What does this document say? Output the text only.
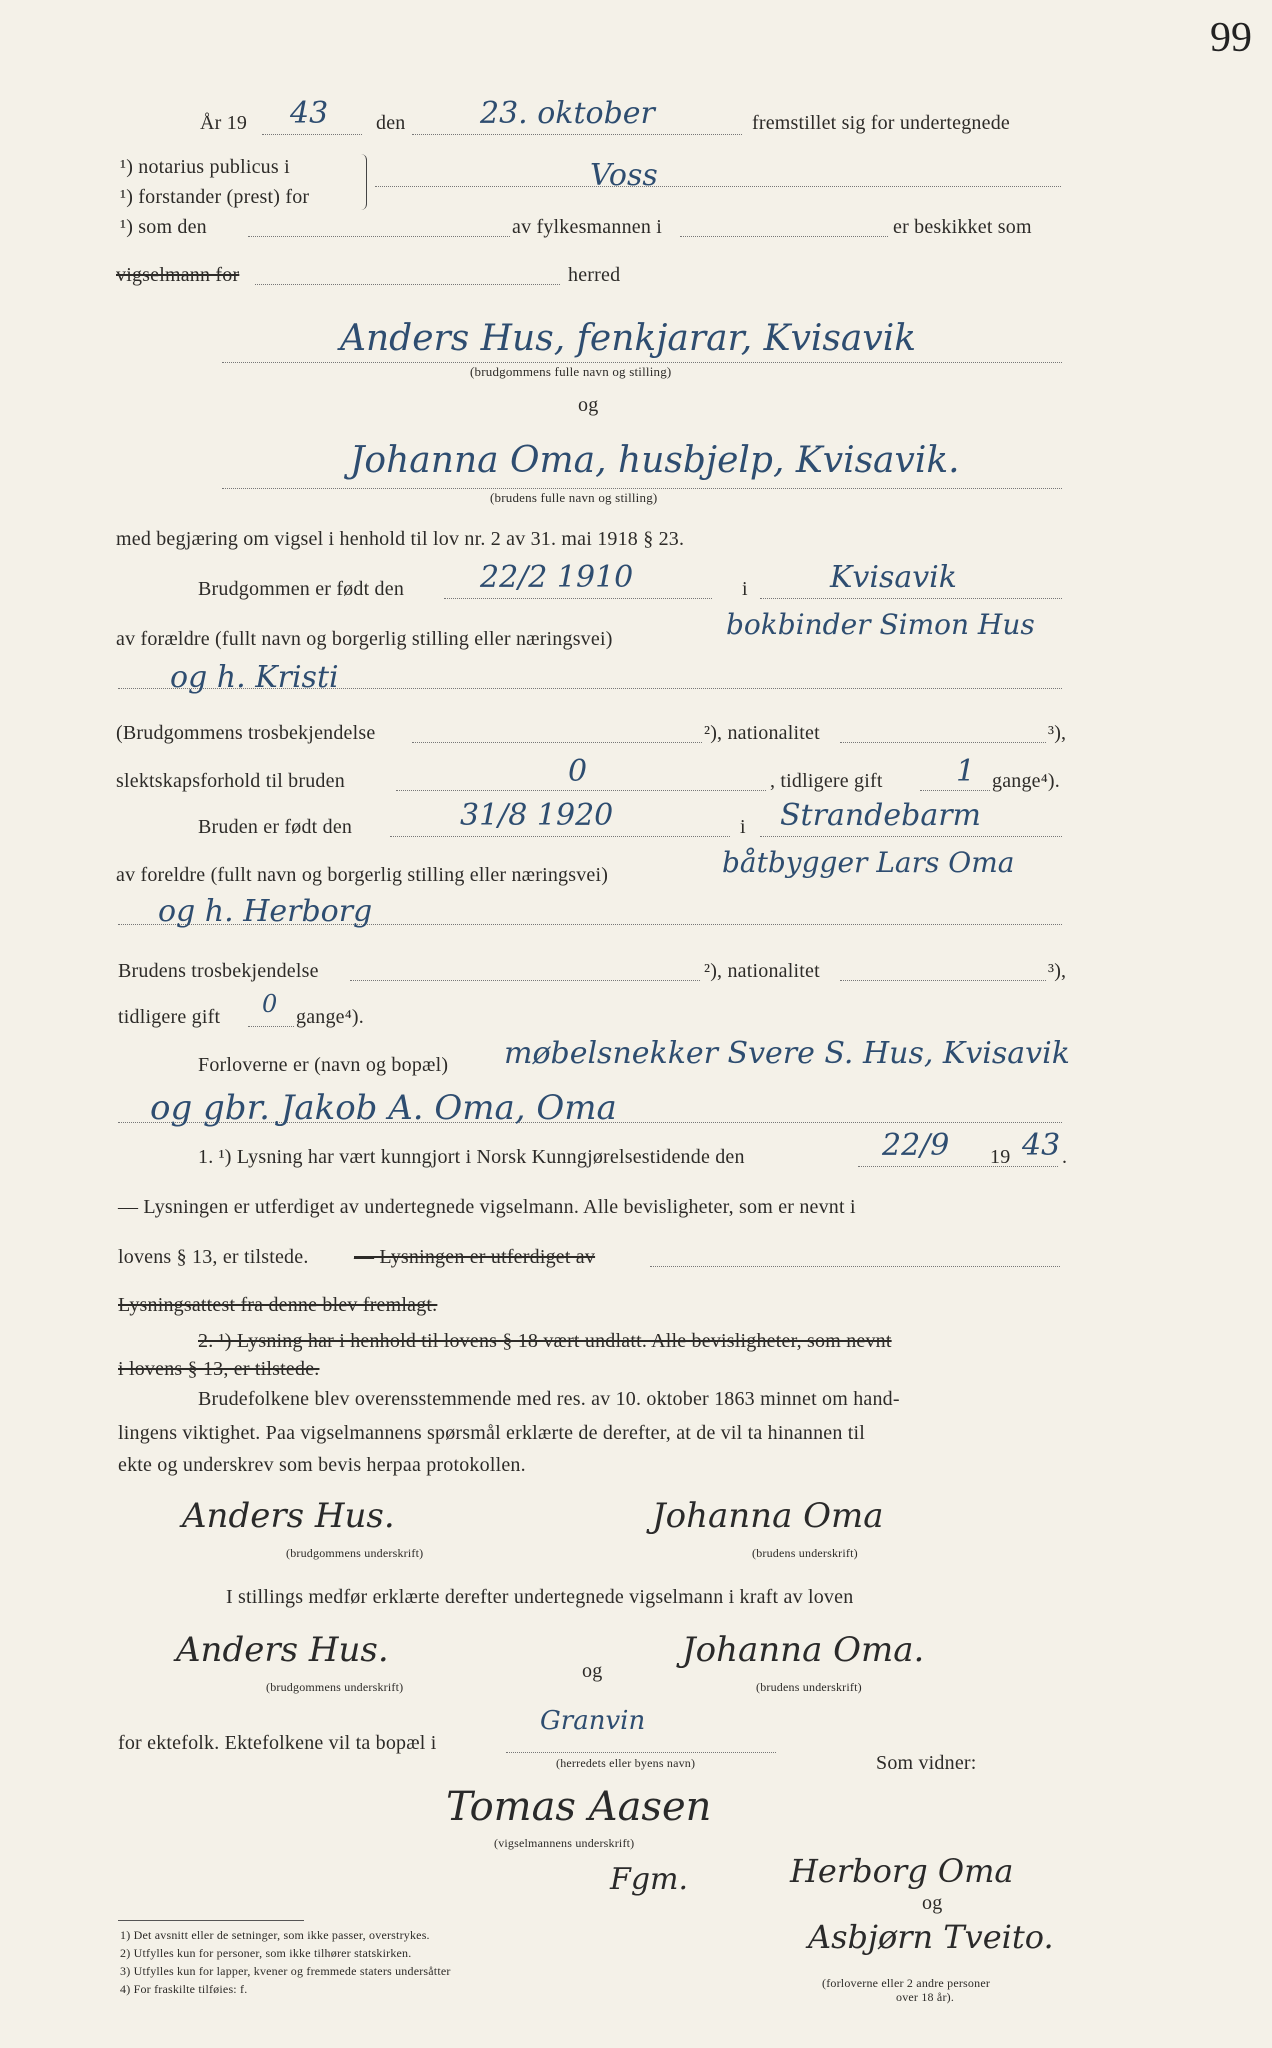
99
År 19 43 den 23. oktober	fremstillet sig for undertegnede
¹) notarius publicus i
¹) forstander (prest) for
¹) som den
Voss
av fylkesmannen i	er beskikket som
vigselmann for	herred
Anders Hus, fenkjarar, Kvisavik
(brudgommens fulle navn og stilling)
og
Johanna Oma, husbjelp, Kvisavik.
(brudens fulle navn og stilling)
med begjæring om vigsel i henhold til lov nr. 2 av 31. mai 1918 § 23.
Brudgommen er født den	22/2 1910	i	Kvisavik
av forældre (fullt navn og borgerlig stilling eller næringsvei)	bokbinder Simon Hus
og h. Kristi
(Brudgommens trosbekjendelse	²), nationalitet	³),
slektskapsforhold til bruden	0	, tidligere gift 1 gange⁴).
Bruden er født den	31/8 1920	i Strandebarm
av foreldre (fullt navn og borgerlig stilling eller næringsvei)	båtbygger Lars Oma
og h. Herborg
Brudens trosbekjendelse	²), nationalitet	³),
tidligere gift 0 gange⁴).
Forloverne er (navn og bopæl) møbelsnekker Svere S. Hus, Kvisavik
og gbr. Jakob A. Oma, Oma
1. ¹) Lysning har vært kunngjort i Norsk Kunngjørelsestidende den	22/9 19 43 .
— Lysningen er utferdiget av undertegnede vigselmann. Alle bevisligheter, som er nevnt i
lovens § 13, er tilstede. — Lysningen er utferdiget av
Lysningsattest fra denne blev fremlagt.
2. ¹) Lysning har i henhold til lovens § 18 vært undlatt. Alle bevisligheter, som nevnt
i lovens § 13, er tilstede.
Brudefolkene blev overensstemmende med res. av 10. oktober 1863 minnet om hand-
lingens viktighet. Paa vigselmannens spørsmål erklærte de derefter, at de vil ta hinannen til
ekte og underskrev som bevis herpaa protokollen.
Anders Hus.
(brudgommens underskrift)
Johanna Oma
(brudens underskrift)
I stillings medfør erklærte derefter undertegnede vigselmann i kraft av loven
Anders Hus.
(brudgommens underskrift)
og
Johanna Oma.
(brudens underskrift)
for ektefolk. Ektefolkene vil ta bopæl i
Granvin
(herredets eller byens navn)	Som vidner:
Tomas Aasen
(vigselmannens underskrift)
Fgm.	Herborg Oma
og
Asbjørn Tveito.
(forloverne eller 2 andre personer
over 18 år).
1) Det avsnitt eller de setninger, som ikke passer, overstrykes.
2) Utfylles kun for personer, som ikke tilhører statskirken.
3) Utfylles kun for lapper, kvener og fremmede staters undersåtter
4) For fraskilte tilføies: f.
